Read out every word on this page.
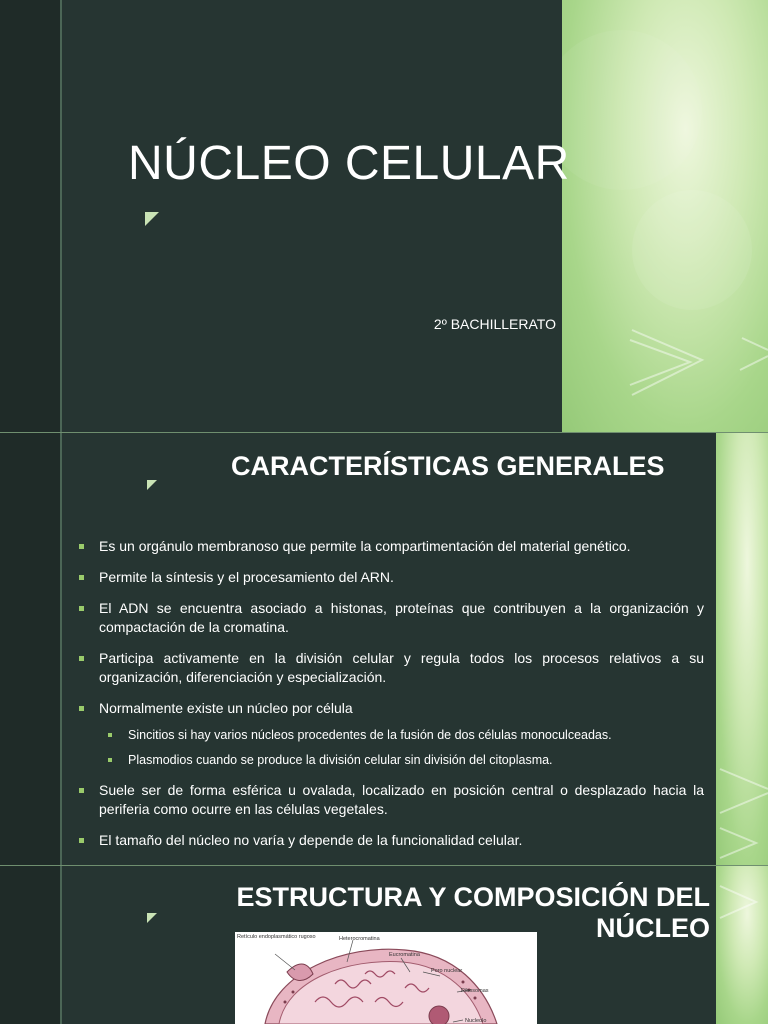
NÚCLEO CELULAR
2º BACHILLERATO
CARACTERÍSTICAS GENERALES
Es un orgánulo membranoso que permite la compartimentación del material genético.
Permite la síntesis y el procesamiento del ARN.
El ADN se encuentra asociado a histonas, proteínas que contribuyen a la organización y compactación de la cromatina.
Participa activamente en la división celular y regula todos los procesos relativos a su organización, diferenciación y especialización.
Normalmente existe un núcleo por célula
Sincitios si hay varios núcleos procedentes de la fusión de dos células monoculceadas.
Plasmodios cuando se produce la división celular sin división del citoplasma.
Suele ser de forma esférica u ovalada, localizado en posición central o desplazado hacia la periferia como ocurre en las células vegetales.
El tamaño del núcleo no varía y depende de la funcionalidad celular.
ESTRUCTURA Y COMPOSICIÓN DEL NÚCLEO
Retículo endoplasmático rugoso	Heterocromatina
Eucromatina
Poro nuclear
Ribosomas
Nucleolo
